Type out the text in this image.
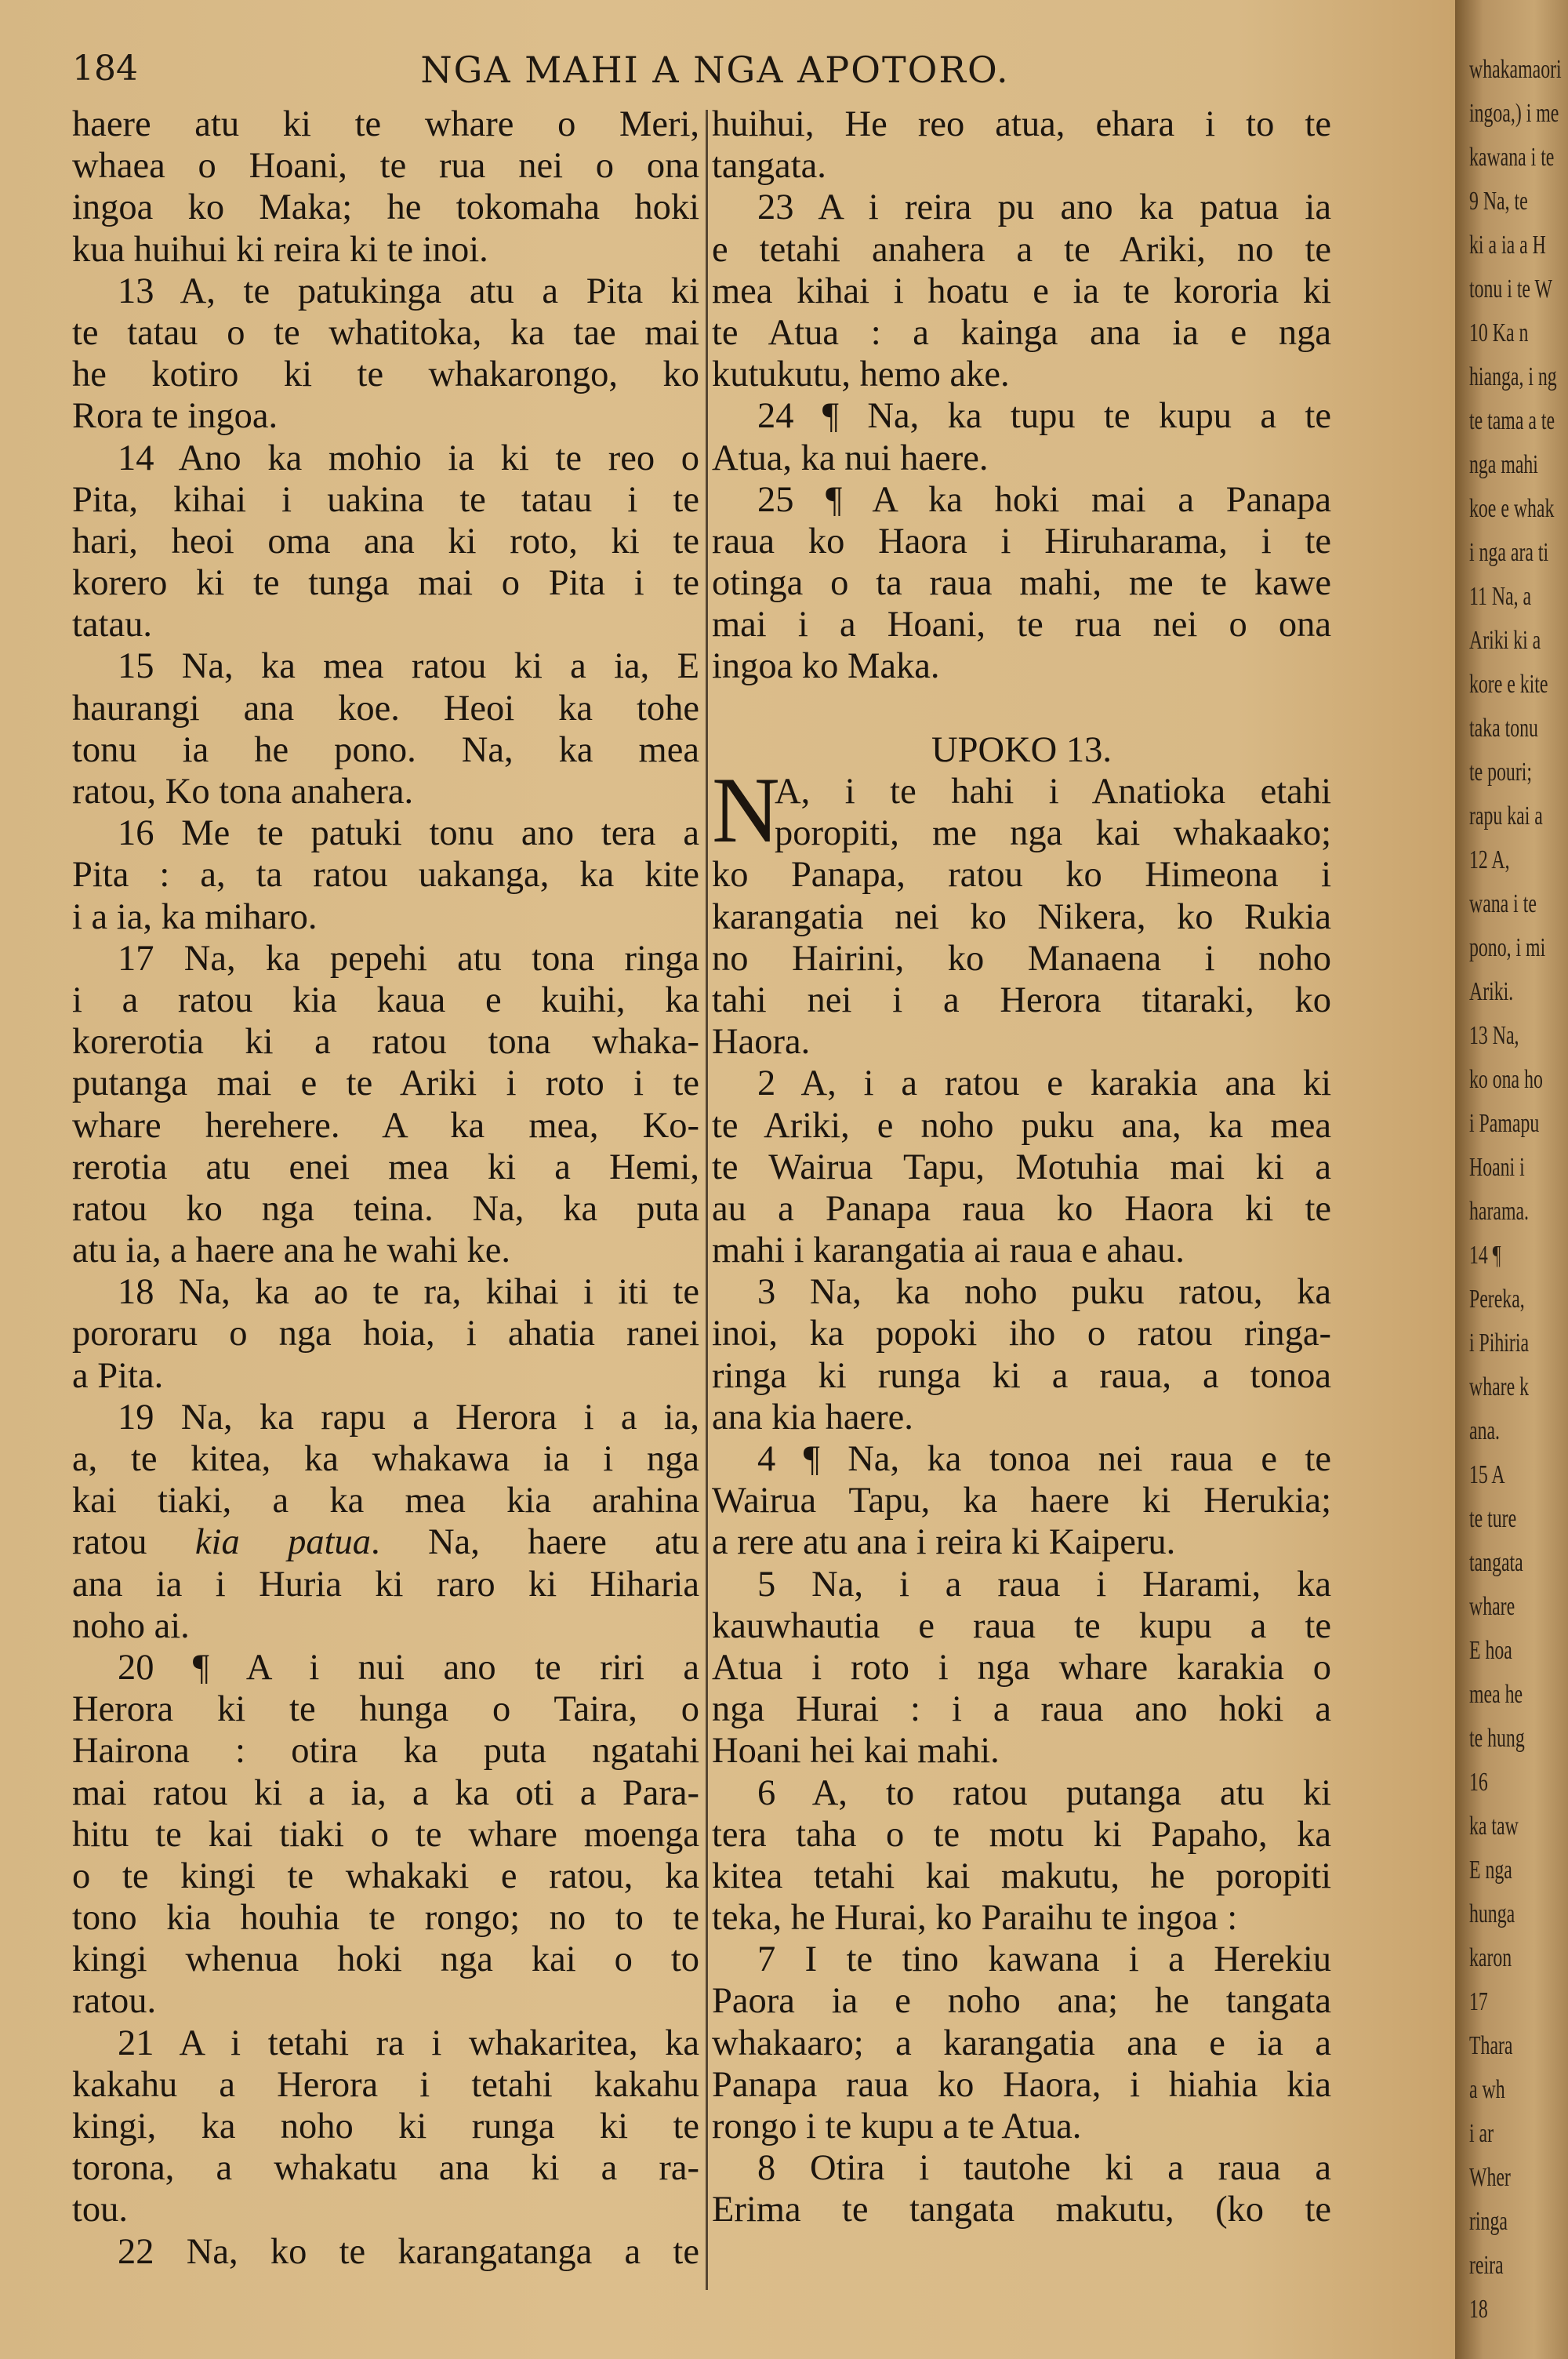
184	NGA MAHI A NGA APOTORO.
haere atu ki te whare o Meri,
whaea o Hoani, te rua nei o ona
ingoa ko Maka; he tokomaha hoki
kua huihui ki reira ki te inoi.
13 A, te patukinga atu a Pita ki
te tatau o te whatitoka, ka tae mai
he kotiro ki te whakarongo, ko
Rora te ingoa.
14 Ano ka mohio ia ki te reo o
Pita, kihai i uakina te tatau i te
hari, heoi oma ana ki roto, ki te
korero ki te tunga mai o Pita i te
tatau.
15 Na, ka mea ratou ki a ia, E
haurangi ana koe. Heoi ka tohe
tonu ia he pono. Na, ka mea
ratou, Ko tona anahera.
16 Me te patuki tonu ano tera a
Pita : a, ta ratou uakanga, ka kite
i a ia, ka miharo.
17 Na, ka pepehi atu tona ringa
i a ratou kia kaua e kuihi, ka
korerotia ki a ratou tona whaka-
putanga mai e te Ariki i roto i te
whare herehere. A ka mea, Ko-
rerotia atu enei mea ki a Hemi,
ratou ko nga teina. Na, ka puta
atu ia, a haere ana he wahi ke.
18 Na, ka ao te ra, kihai i iti te
pororaru o nga hoia, i ahatia ranei
a Pita.
19 Na, ka rapu a Herora i a ia,
a, te kitea, ka whakawa ia i nga
kai tiaki, a ka mea kia arahina
ratou kia patua. Na, haere atu
ana ia i Huria ki raro ki Hiharia
noho ai.
20 ¶ A i nui ano te riri a
Herora ki te hunga o Taira, o
Hairona : otira ka puta ngatahi
mai ratou ki a ia, a ka oti a Para-
hitu te kai tiaki o te whare moenga
o te kingi te whakaki e ratou, ka
tono kia houhia te rongo; no to te
kingi whenua hoki nga kai o to
ratou.
21 A i tetahi ra i whakaritea, ka
kakahu a Herora i tetahi kakahu
kingi, ka noho ki runga ki te
torona, a whakatu ana ki a ra-
tou.
22 Na, ko te karangatanga a te
huihui, He reo atua, ehara i to te
tangata.
23 A i reira pu ano ka patua ia
e tetahi anahera a te Ariki, no te
mea kihai i hoatu e ia te kororia ki
te Atua : a kainga ana ia e nga
kutukutu, hemo ake.
24 ¶ Na, ka tupu te kupu a te
Atua, ka nui haere.
25 ¶ A ka hoki mai a Panapa
raua ko Haora i Hiruharama, i te
otinga o ta raua mahi, me te kawe
mai i a Hoani, te rua nei o ona
ingoa ko Maka.
UPOKO 13.
N
A, i te hahi i Anatioka etahi
poropiti, me nga kai whakaako;
ko Panapa, ratou ko Himeona i
karangatia nei ko Nikera, ko Rukia
no Hairini, ko Manaena i noho
tahi nei i a Herora titaraki, ko
Haora.
2 A, i a ratou e karakia ana ki
te Ariki, e noho puku ana, ka mea
te Wairua Tapu, Motuhia mai ki a
au a Panapa raua ko Haora ki te
mahi i karangatia ai raua e ahau.
3 Na, ka noho puku ratou, ka
inoi, ka popoki iho o ratou ringa-
ringa ki runga ki a raua, a tonoa
ana kia haere.
4 ¶ Na, ka tonoa nei raua e te
Wairua Tapu, ka haere ki Herukia;
a rere atu ana i reira ki Kaiperu.
5 Na, i a raua i Harami, ka
kauwhautia e raua te kupu a te
Atua i roto i nga whare karakia o
nga Hurai : i a raua ano hoki a
Hoani hei kai mahi.
6 A, to ratou putanga atu ki
tera taha o te motu ki Papaho, ka
kitea tetahi kai makutu, he poropiti
teka, he Hurai, ko Paraihu te ingoa :
7 I te tino kawana i a Herekiu
Paora ia e noho ana; he tangata
whakaaro; a karangatia ana e ia a
Panapa raua ko Haora, i hiahia kia
rongo i te kupu a te Atua.
8 Otira i tautohe ki a raua a
Erima te tangata makutu, (ko te
whakamaori
ingoa,) i me
kawana i te
9 Na, te
ki a ia a H
tonu i te W
10 Ka n
hianga, i ng
te tama a te
nga mahi
koe e whak
i nga ara ti
11 Na, a
Ariki ki a
kore e kite
taka tonu
te pouri;
rapu kai a
12 A,
wana i te
pono, i mi
Ariki.
13 Na,
ko ona ho
i Pamapu
Hoani i
harama.
14 ¶
Pereka,
i Pihiria
whare k
ana.
15 A
te ture
tangata
whare
E hoa
mea he
te hung
16
ka taw
E nga
hunga
karon
17
Thara
a wh
i ar
Wher
ringa
reira
18
